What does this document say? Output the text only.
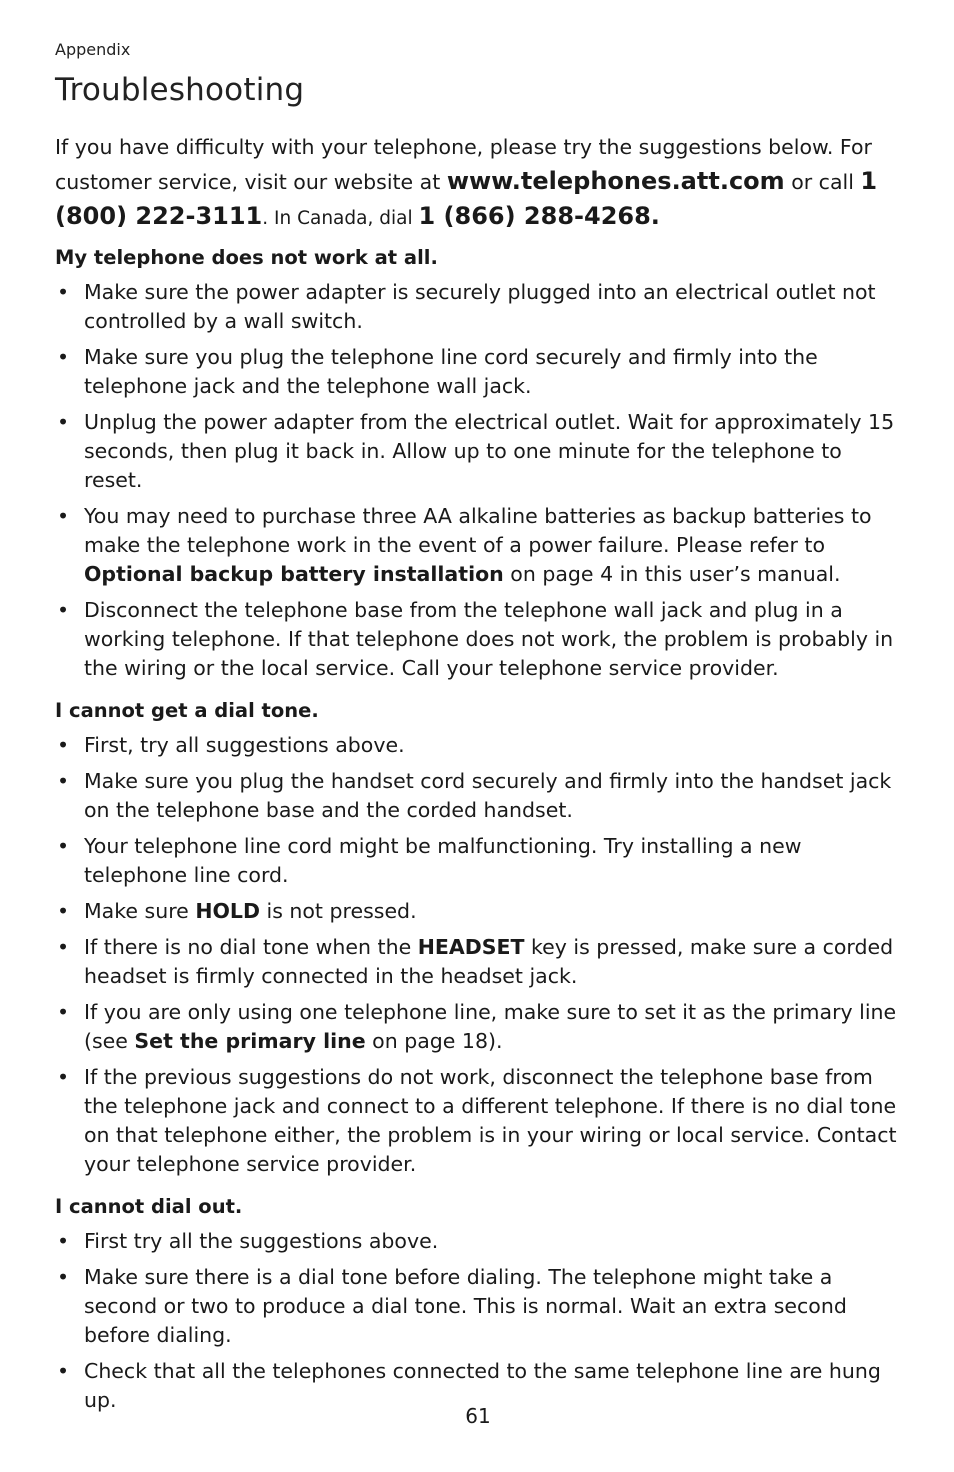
Appendix
Troubleshooting

If you have difficulty with your telephone, please try the suggestions below. For customer service, visit our website at www.telephones.att.com or call 1 (800) 222-3111. In Canada, dial 1 (866) 288-4268.

My telephone does not work at all.
• Make sure the power adapter is securely plugged into an electrical outlet not controlled by a wall switch.
• Make sure you plug the telephone line cord securely and firmly into the telephone jack and the telephone wall jack.
• Unplug the power adapter from the electrical outlet. Wait for approximately 15 seconds, then plug it back in. Allow up to one minute for the telephone to reset.
• You may need to purchase three AA alkaline batteries as backup batteries to make the telephone work in the event of a power failure. Please refer to Optional backup battery installation on page 4 in this user’s manual.
• Disconnect the telephone base from the telephone wall jack and plug in a working telephone. If that telephone does not work, the problem is probably in the wiring or the local service. Call your telephone service provider.
I cannot get a dial tone.
• First, try all suggestions above.
• Make sure you plug the handset cord securely and firmly into the handset jack on the telephone base and the corded handset.
• Your telephone line cord might be malfunctioning. Try installing a new telephone line cord.
• Make sure HOLD is not pressed.
• If there is no dial tone when the HEADSET key is pressed, make sure a corded headset is firmly connected in the headset jack.
• If you are only using one telephone line, make sure to set it as the primary line (see Set the primary line on page 18).
• If the previous suggestions do not work, disconnect the telephone base from the telephone jack and connect to a different telephone. If there is no dial tone on that telephone either, the problem is in your wiring or local service. Contact your telephone service provider.
I cannot dial out.
• First try all the suggestions above.
• Make sure there is a dial tone before dialing. The telephone might take a second or two to produce a dial tone. This is normal. Wait an extra second before dialing.
• Check that all the telephones connected to the same telephone line are hung up.
61
